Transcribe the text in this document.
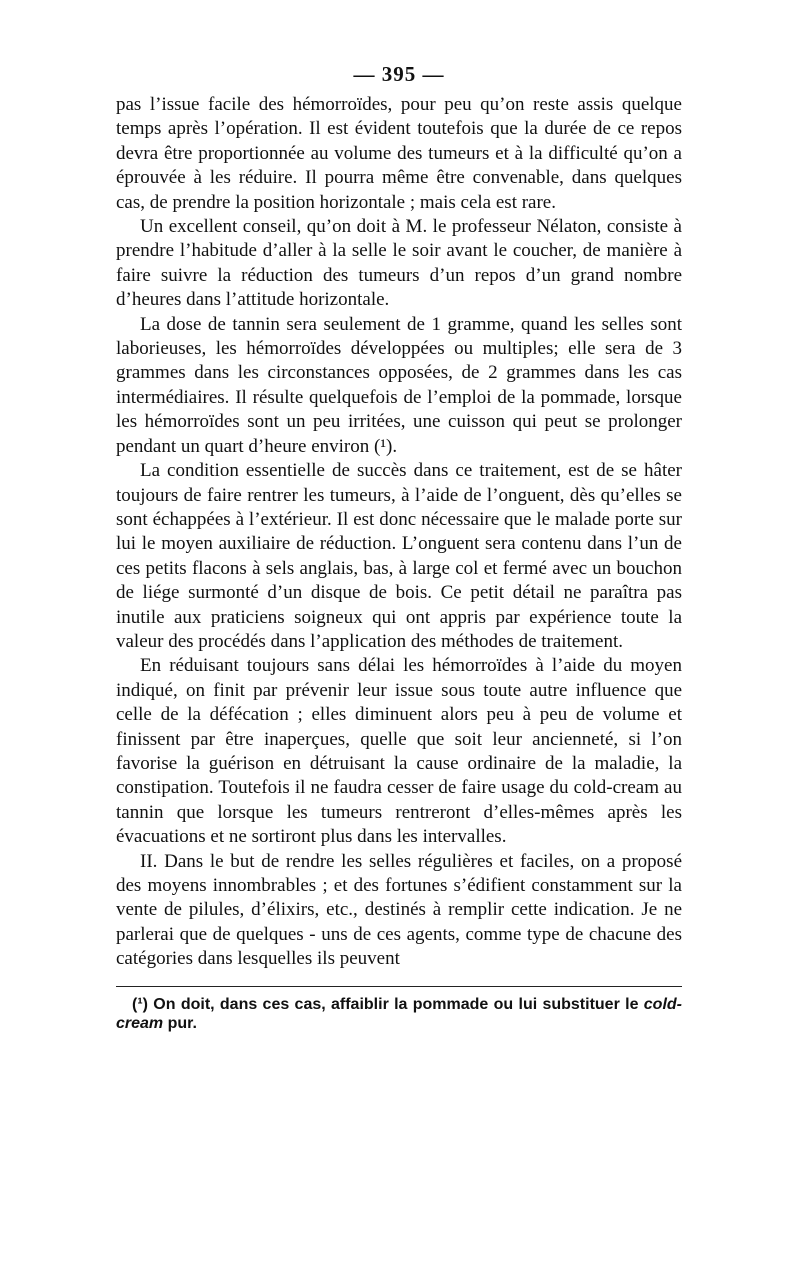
— 395 —

pas l’issue facile des hémorroïdes, pour peu qu’on reste assis quelque temps après l’opération. Il est évident toutefois que la durée de ce repos devra être proportionnée au volume des tumeurs et à la difficulté qu’on a éprouvée à les réduire. Il pourra même être convenable, dans quelques cas, de prendre la position horizontale ; mais cela est rare.

Un excellent conseil, qu’on doit à M. le professeur Nélaton, consiste à prendre l’habitude d’aller à la selle le soir avant le coucher, de manière à faire suivre la réduction des tumeurs d’un repos d’un grand nombre d’heures dans l’attitude horizontale.

La dose de tannin sera seulement de 1 gramme, quand les selles sont laborieuses, les hémorroïdes développées ou multiples; elle sera de 3 grammes dans les circonstances opposées, de 2 grammes dans les cas intermédiaires. Il résulte quelquefois de l’emploi de la pommade, lorsque les hémorroïdes sont un peu irritées, une cuisson qui peut se prolonger pendant un quart d’heure environ (¹).

La condition essentielle de succès dans ce traitement, est de se hâter toujours de faire rentrer les tumeurs, à l’aide de l’onguent, dès qu’elles se sont échappées à l’extérieur. Il est donc nécessaire que le malade porte sur lui le moyen auxiliaire de réduction. L’onguent sera contenu dans l’un de ces petits flacons à sels anglais, bas, à large col et fermé avec un bouchon de liége surmonté d’un disque de bois. Ce petit détail ne paraîtra pas inutile aux praticiens soigneux qui ont appris par expérience toute la valeur des procédés dans l’application des méthodes de traitement.

En réduisant toujours sans délai les hémorroïdes à l’aide du moyen indiqué, on finit par prévenir leur issue sous toute autre influence que celle de la défécation ; elles diminuent alors peu à peu de volume et finissent par être inaperçues, quelle que soit leur ancienneté, si l’on favorise la guérison en détruisant la cause ordinaire de la maladie, la constipation. Toutefois il ne faudra cesser de faire usage du cold-cream au tannin que lorsque les tumeurs rentreront d’elles-mêmes après les évacuations et ne sortiront plus dans les intervalles.

II. Dans le but de rendre les selles régulières et faciles, on a proposé des moyens innombrables ; et des fortunes s’édifient constamment sur la vente de pilules, d’élixirs, etc., destinés à remplir cette indication. Je ne parlerai que de quelques - uns de ces agents, comme type de chacune des catégories dans lesquelles ils peuvent

(¹) On doit, dans ces cas, affaiblir la pommade ou lui substituer le cold-cream pur.
